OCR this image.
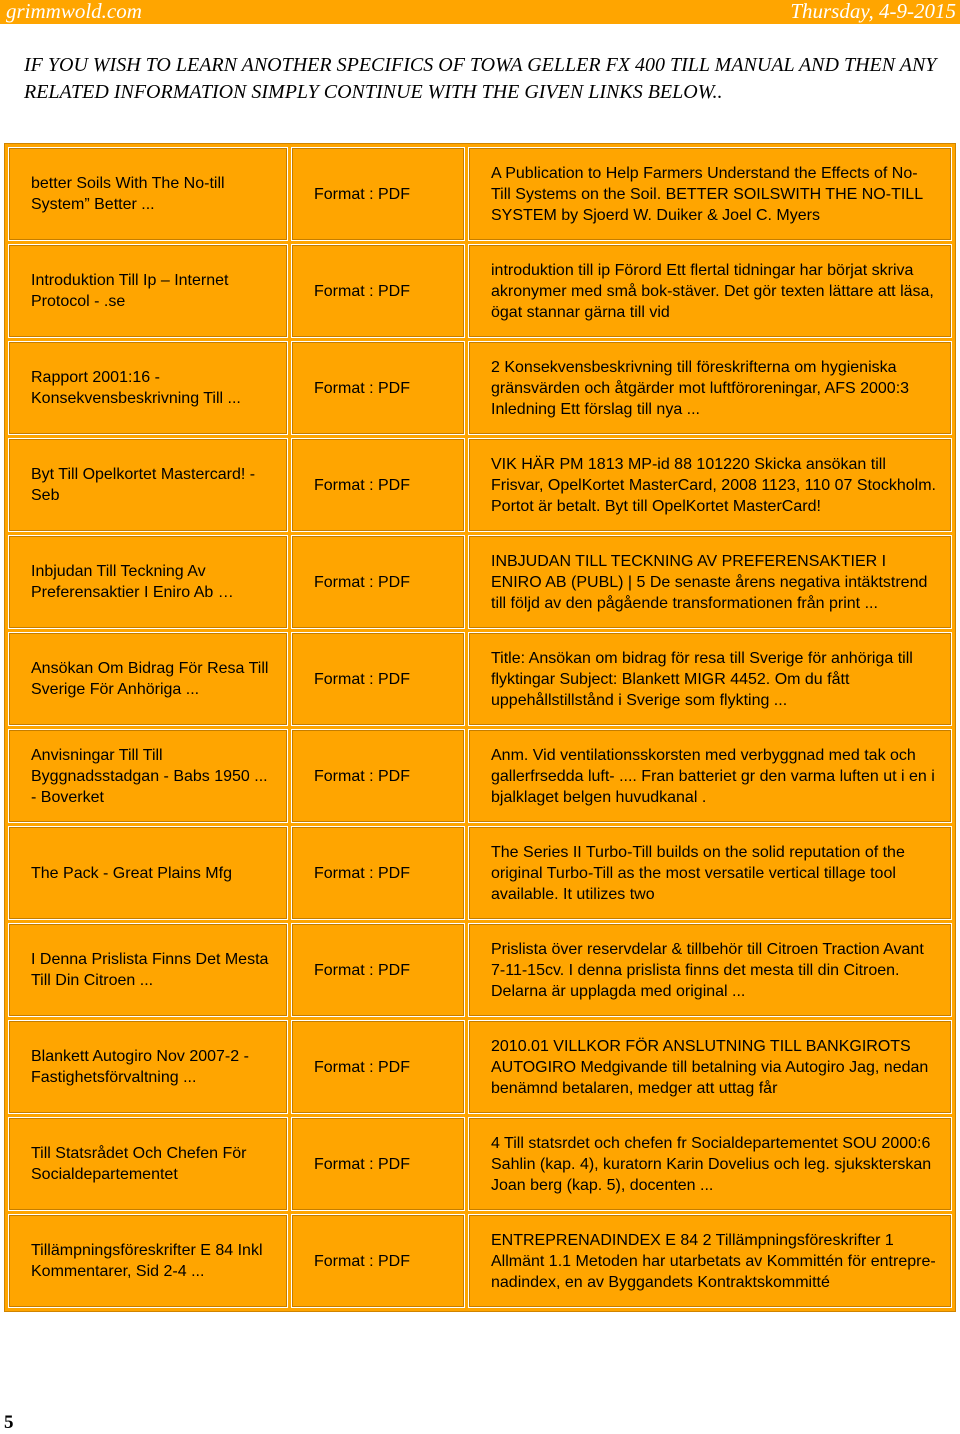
grimmwold.com	Thursday, 4-9-2015
IF YOU WISH TO LEARN ANOTHER SPECIFICS OF TOWA GELLER FX 400 TILL MANUAL AND THEN ANY RELATED INFORMATION SIMPLY CONTINUE WITH THE GIVEN LINKS BELOW..
better Soils With The No-till System” Better ...	Format : PDF	A Publication to Help Farmers Understand the Effects of No-Till Systems on the Soil. BETTER SOILSWITH THE NO-TILL SYSTEM by Sjoerd W. Duiker & Joel C. Myers
Introduktion Till Ip – Internet Protocol - .se	Format : PDF	introduktion till ip Förord Ett flertal tidningar har börjat skriva akronymer med små bok-stäver. Det gör texten lättare att läsa, ögat stannar gärna till vid
Rapport 2001:16 - Konsekvensbeskrivning Till ...	Format : PDF	2 Konsekvensbeskrivning till föreskrifterna om hygieniska gränsvärden och åtgärder mot luftföroreningar, AFS 2000:3 Inledning Ett förslag till nya ...
Byt Till Opelkortet Mastercard! - Seb	Format : PDF	VIK HÄR PM 1813 MP-id 88 101220 Skicka ansökan till Frisvar, OpelKortet MasterCard, 2008 1123, 110 07 Stockholm. Portot är betalt. Byt till OpelKortet MasterCard!
Inbjudan Till Teckning Av Preferensaktier I Eniro Ab …	Format : PDF	INBJUDAN TILL TECKNING AV PREFERENSAKTIER I ENIRO AB (PUBL) | 5 De senaste årens negativa intäktstrend till följd av den pågående transformationen från print ...
Ansökan Om Bidrag För Resa Till Sverige För Anhöriga ...	Format : PDF	Title: Ansökan om bidrag för resa till Sverige för anhöriga till flyktingar Subject: Blankett MIGR 4452. Om du fått uppehållstillstånd i Sverige som flykting ...
Anvisningar Till Till Byggnadsstadgan - Babs 1950 ... - Boverket	Format : PDF	Anm. Vid ventilationsskorsten med verbyggnad med tak och gallerfrsedda luft- .... Fran batteriet gr den varma luften ut i en i bjalklaget belgen huvudkanal .
The Pack - Great Plains Mfg	Format : PDF	The Series II Turbo-Till builds on the solid reputation of the original Turbo-Till as the most versatile vertical tillage tool available. It utilizes two
I Denna Prislista Finns Det Mesta Till Din Citroen ...	Format : PDF	Prislista över reservdelar & tillbehör till Citroen Traction Avant 7-11-15cv. I denna prislista finns det mesta till din Citroen. Delarna är upplagda med original ...
Blankett Autogiro Nov 2007-2 - Fastighetsförvaltning ...	Format : PDF	2010.01 VILLKOR FÖR ANSLUTNING TILL BANKGIROTS AUTOGIRO Medgivande till betalning via Autogiro Jag, nedan benämnd betalaren, medger att uttag får
Till Statsrådet Och Chefen För Socialdepartementet	Format : PDF	4 Till statsrdet och chefen fr Socialdepartementet SOU 2000:6 Sahlin (kap. 4), kuratorn Karin Dovelius och leg. sjukskterskan Joan berg (kap. 5), docenten ...
Tillämpningsföreskrifter E 84 Inkl Kommentarer, Sid 2-4 ...	Format : PDF	ENTREPRENADINDEX E 84 2 Tillämpningsföreskrifter 1 Allmänt 1.1 Metoden har utarbetats av Kommittén för entrepre-nadindex, en av Byggandets Kontraktskommitté
5
